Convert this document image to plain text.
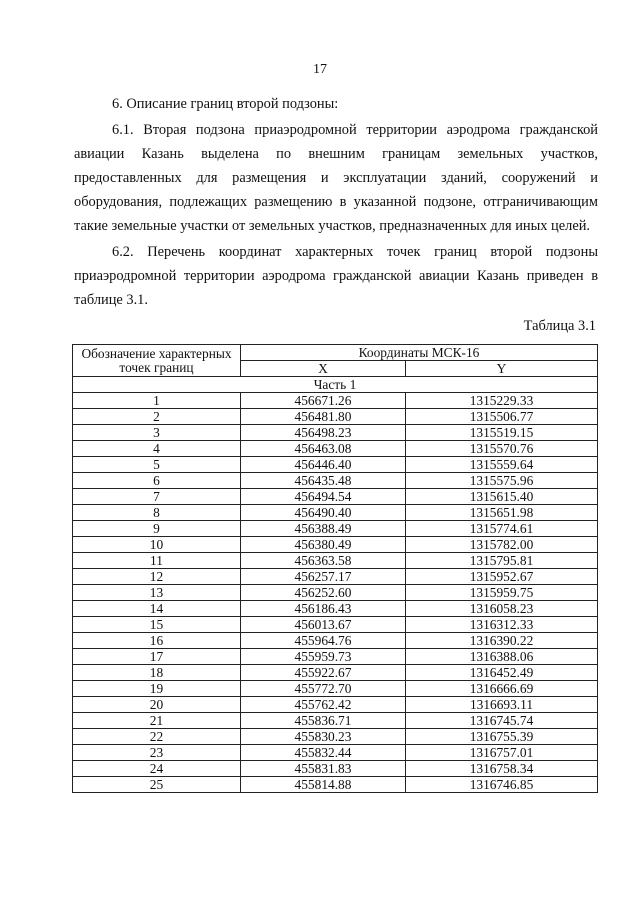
17
6. Описание границ второй подзоны:
6.1. Вторая подзона приаэродромной территории аэродрома гражданской авиации Казань выделена по внешним границам земельных участков, предоставленных для размещения и эксплуатации зданий, сооружений и оборудования, подлежащих размещению в указанной подзоне, отграничивающим такие земельные участки от земельных участков, предназначенных для иных целей.
6.2. Перечень координат характерных точек границ второй подзоны приаэродромной территории аэродрома гражданской авиации Казань приведен в таблице 3.1.
Таблица 3.1
Обозначение характерных точек границ	Координаты МСК-16	
	X	Y
Часть 1		
1	456671.26	1315229.33
2	456481.80	1315506.77
3	456498.23	1315519.15
4	456463.08	1315570.76
5	456446.40	1315559.64
6	456435.48	1315575.96
7	456494.54	1315615.40
8	456490.40	1315651.98
9	456388.49	1315774.61
10	456380.49	1315782.00
11	456363.58	1315795.81
12	456257.17	1315952.67
13	456252.60	1315959.75
14	456186.43	1316058.23
15	456013.67	1316312.33
16	455964.76	1316390.22
17	455959.73	1316388.06
18	455922.67	1316452.49
19	455772.70	1316666.69
20	455762.42	1316693.11
21	455836.71	1316745.74
22	455830.23	1316755.39
23	455832.44	1316757.01
24	455831.83	1316758.34
25	455814.88	1316746.85
